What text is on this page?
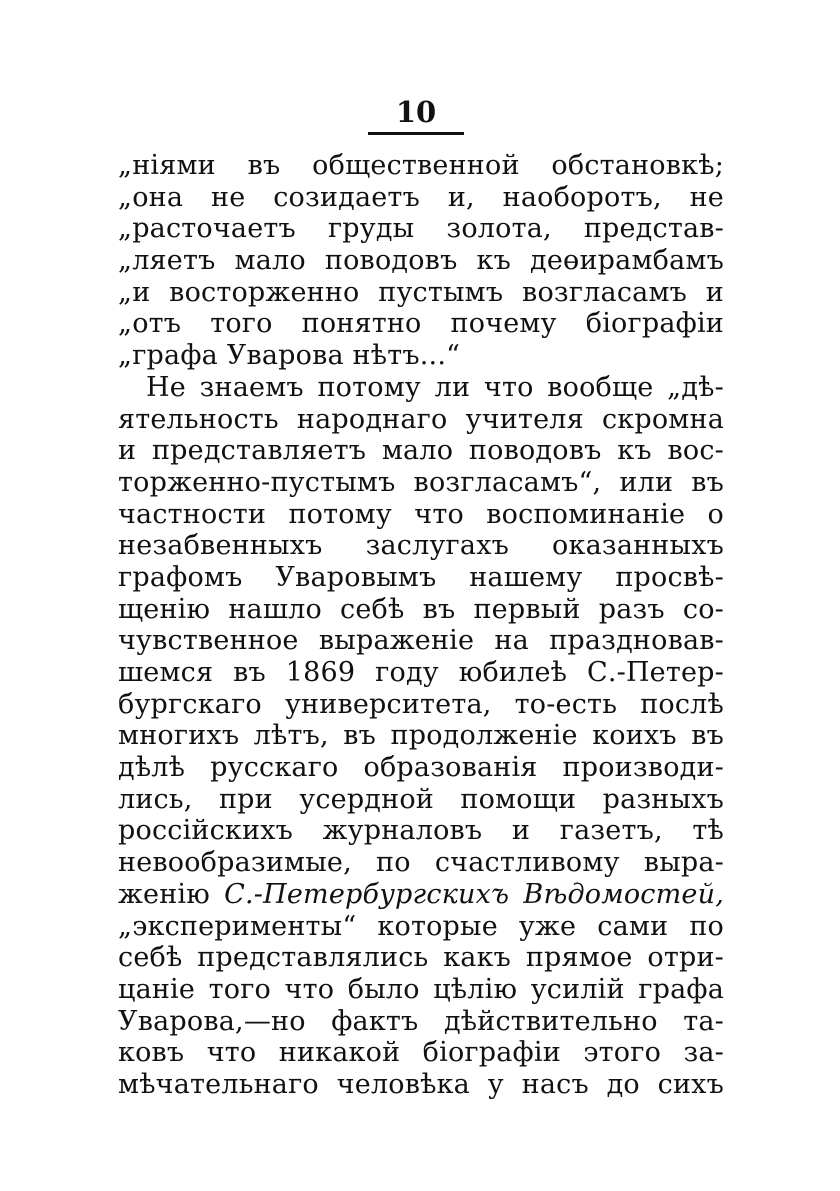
10
„ніями въ общественной обстановкѣ;
„она не созидаетъ и, наоборотъ, не
„расточаетъ груды золота, представ-
„ляетъ мало поводовъ къ деөирамбамъ
„и восторженно пустымъ возгласамъ и
„отъ того понятно почему біографіи
„графа Уварова нѣтъ...“
Не знаемъ потому ли что вообще „дѣ-
ятельность народнаго учителя скромна
и представляетъ мало поводовъ къ вос-
торженно-пустымъ возгласамъ“, или въ
частности потому что воспоминаніе о
незабвенныхъ заслугахъ оказанныхъ
графомъ Уваровымъ нашему просвѣ-
щенію нашло себѣ въ первый разъ со-
чувственное выраженіе на праздновав-
шемся въ 1869 году юбилеѣ С.-Петер-
бургскаго университета, то-есть послѣ
многихъ лѣтъ, въ продолженіе коихъ въ
дѣлѣ русскаго образованія производи-
лись, при усердной помощи разныхъ
россійскихъ журналовъ и газетъ, тѣ
невообразимые, по счастливому выра-
женію С.-Петербургскихъ Вѣдомостей,
„эксперименты“ которые уже сами по
себѣ представлялись какъ прямое отри-
цаніе того что было цѣлію усилій графа
Уварова,—но фактъ дѣйствительно та-
ковъ что никакой біографіи этого за-
мѣчательнаго человѣка у насъ до сихъ
